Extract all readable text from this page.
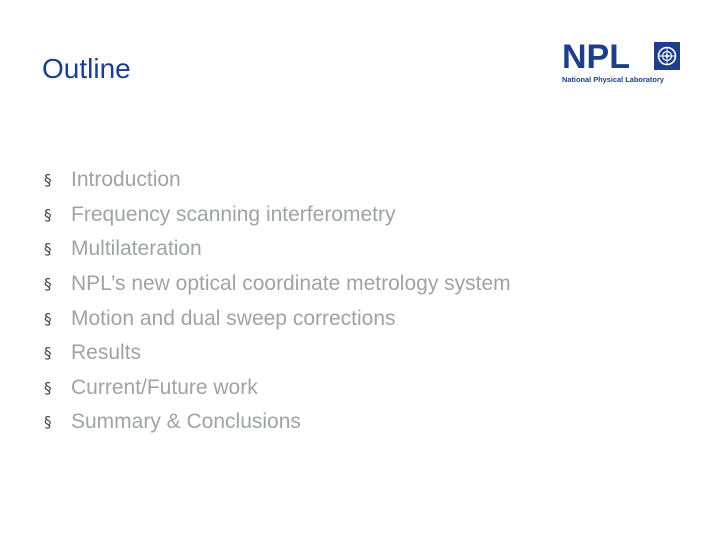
Outline	NPL
National Physical Laboratory
§ Introduction
§ Frequency scanning interferometry
§ Multilateration
§ NPL’s new optical coordinate metrology system
§ Motion and dual sweep corrections
§ Results
§ Current/Future work
§ Summary & Conclusions
